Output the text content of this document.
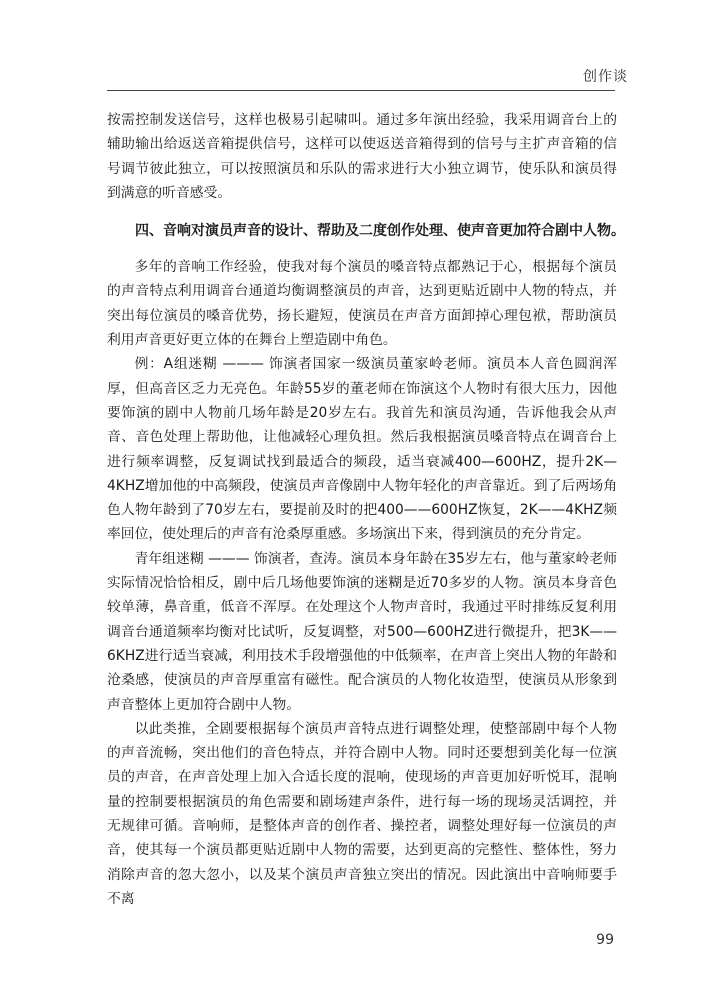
创作谈

按需控制发送信号，这样也极易引起啸叫。通过多年演出经验，我采用调音台上的辅助输出给返送音箱提供信号，这样可以使返送音箱得到的信号与主扩声音箱的信号调节彼此独立，可以按照演员和乐队的需求进行大小独立调节，使乐队和演员得到满意的听音感受。

四、音响对演员声音的设计、帮助及二度创作处理、使声音更加符合剧中人物。

多年的音响工作经验，使我对每个演员的嗓音特点都熟记于心，根据每个演员的声音特点利用调音台通道均衡调整演员的声音，达到更贴近剧中人物的特点，并突出每位演员的嗓音优势，扬长避短，使演员在声音方面卸掉心理包袱，帮助演员利用声音更好更立体的在舞台上塑造剧中角色。

例：A组迷糊 ——— 饰演者国家一级演员董家岭老师。演员本人音色圆润浑厚，但高音区乏力无亮色。年龄55岁的董老师在饰演这个人物时有很大压力，因他要饰演的剧中人物前几场年龄是20岁左右。我首先和演员沟通，告诉他我会从声音、音色处理上帮助他，让他减轻心理负担。然后我根据演员嗓音特点在调音台上进行频率调整，反复调试找到最适合的频段，适当衰减400—600HZ，提升2K—4KHZ增加他的中高频段，使演员声音像剧中人物年轻化的声音靠近。到了后两场角色人物年龄到了70岁左右，要提前及时的把400——600HZ恢复，2K——4KHZ频率回位，使处理后的声音有沧桑厚重感。多场演出下来，得到演员的充分肯定。

青年组迷糊 ——— 饰演者，查涛。演员本身年龄在35岁左右，他与董家岭老师实际情况恰恰相反，剧中后几场他要饰演的迷糊是近70多岁的人物。演员本身音色较单薄，鼻音重，低音不浑厚。在处理这个人物声音时，我通过平时排练反复利用调音台通道频率均衡对比试听，反复调整，对500—600HZ进行微提升，把3K——6KHZ进行适当衰减，利用技术手段增强他的中低频率，在声音上突出人物的年龄和沧桑感，使演员的声音厚重富有磁性。配合演员的人物化妆造型，使演员从形象到声音整体上更加符合剧中人物。

以此类推，全剧要根据每个演员声音特点进行调整处理，使整部剧中每个人物的声音流畅，突出他们的音色特点，并符合剧中人物。同时还要想到美化每一位演员的声音，在声音处理上加入合适长度的混响，使现场的声音更加好听悦耳，混响量的控制要根据演员的角色需要和剧场建声条件，进行每一场的现场灵活调控，并无规律可循。音响师，是整体声音的创作者、操控者，调整处理好每一位演员的声音，使其每一个演员都更贴近剧中人物的需要，达到更高的完整性、整体性，努力消除声音的忽大忽小，以及某个演员声音独立突出的情况。因此演出中音响师要手不离

99
